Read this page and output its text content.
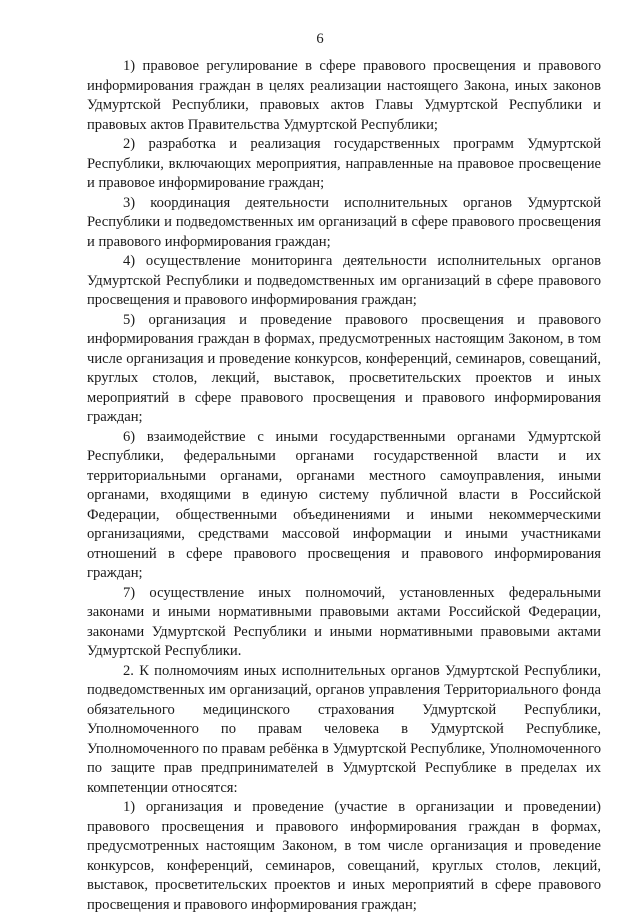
6

1) правовое регулирование в сфере правового просвещения и правового информирования граждан в целях реализации настоящего Закона, иных законов Удмуртской Республики, правовых актов Главы Удмуртской Республики и правовых актов Правительства Удмуртской Республики;

2) разработка и реализация государственных программ Удмуртской Республики, включающих мероприятия, направленные на правовое просвещение и правовое информирование граждан;

3) координация деятельности исполнительных органов Удмуртской Республики и подведомственных им организаций в сфере правового просвещения и правового информирования граждан;

4) осуществление мониторинга деятельности исполнительных органов Удмуртской Республики и подведомственных им организаций в сфере правового просвещения и правового информирования граждан;

5) организация и проведение правового просвещения и правового информирования граждан в формах, предусмотренных настоящим Законом, в том числе организация и проведение конкурсов, конференций, семинаров, совещаний, круглых столов, лекций, выставок, просветительских проектов и иных мероприятий в сфере правового просвещения и правового информирования граждан;

6) взаимодействие с иными государственными органами Удмуртской Республики, федеральными органами государственной власти и их территориальными органами, органами местного самоуправления, иными органами, входящими в единую систему публичной власти в Российской Федерации, общественными объединениями и иными некоммерческими организациями, средствами массовой информации и иными участниками отношений в сфере правового просвещения и правового информирования граждан;

7) осуществление иных полномочий, установленных федеральными законами и иными нормативными правовыми актами Российской Федерации, законами Удмуртской Республики и иными нормативными правовыми актами Удмуртской Республики.

2. К полномочиям иных исполнительных органов Удмуртской Республики, подведомственных им организаций, органов управления Территориального фонда обязательного медицинского страхования Удмуртской Республики, Уполномоченного по правам человека в Удмуртской Республике, Уполномоченного по правам ребёнка в Удмуртской Республике, Уполномоченного по защите прав предпринимателей в Удмуртской Республике в пределах их компетенции относятся:

1) организация и проведение (участие в организации и проведении) правового просвещения и правового информирования граждан в формах, предусмотренных настоящим Законом, в том числе организация и проведение конкурсов, конференций, семинаров, совещаний, круглых столов, лекций, выставок, просветительских проектов и иных мероприятий в сфере правового просвещения и правового информирования граждан;
